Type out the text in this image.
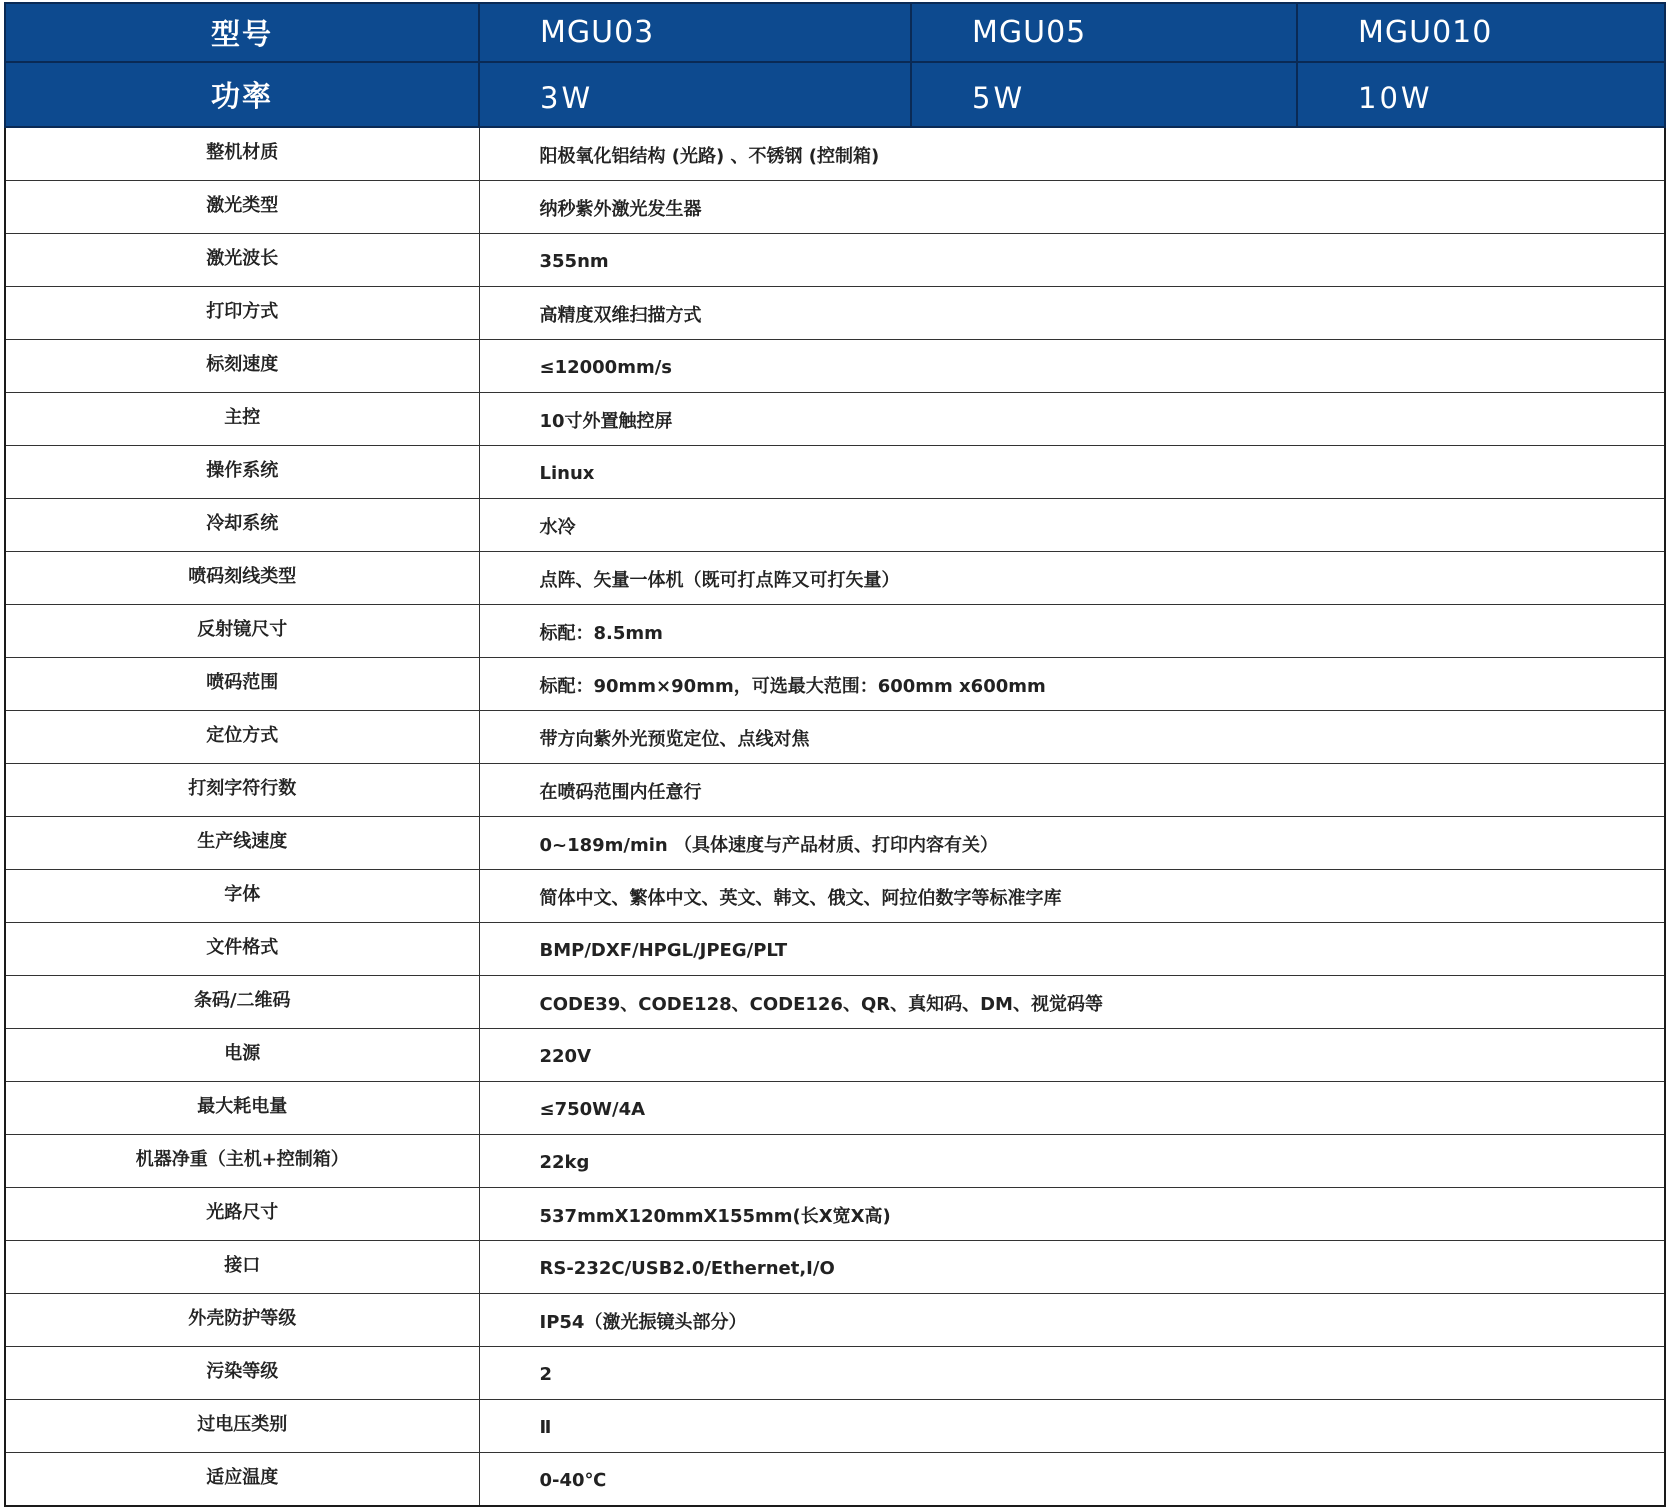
型号	MGU03	MGU05	MGU010
功率	3W	5W	10W
整机材质	阳极氧化铝结构 (光路) 、不锈钢 (控制箱)		
激光类型	纳秒紫外激光发生器		
激光波长	355nm		
打印方式	高精度双维扫描方式		
标刻速度	≤12000mm/s		
主控	10寸外置触控屏		
操作系统	Linux		
冷却系统	水冷		
喷码刻线类型	点阵、矢量一体机（既可打点阵又可打矢量）		
反射镜尺寸	标配：8.5mm		
喷码范围	标配：90mm×90mm，可选最大范围：600mm x600mm		
定位方式	带方向紫外光预览定位、点线对焦		
打刻字符行数	在喷码范围内任意行		
生产线速度	0~189m/min （具体速度与产品材质、打印内容有关）		
字体	简体中文、繁体中文、英文、韩文、俄文、阿拉伯数字等标准字库		
文件格式	BMP/DXF/HPGL/JPEG/PLT		
条码/二维码	CODE39、CODE128、CODE126、QR、真知码、DM、视觉码等		
电源	220V		
最大耗电量	≤750W/4A		
机器净重（主机+控制箱）	22kg		
光路尺寸	537mmX120mmX155mm(长X宽X高)		
接口	RS-232C/USB2.0/Ethernet,I/O		
外壳防护等级	IP54（激光振镜头部分）		
污染等级	2		
过电压类别	Ⅱ		
适应温度	0-40℃		
